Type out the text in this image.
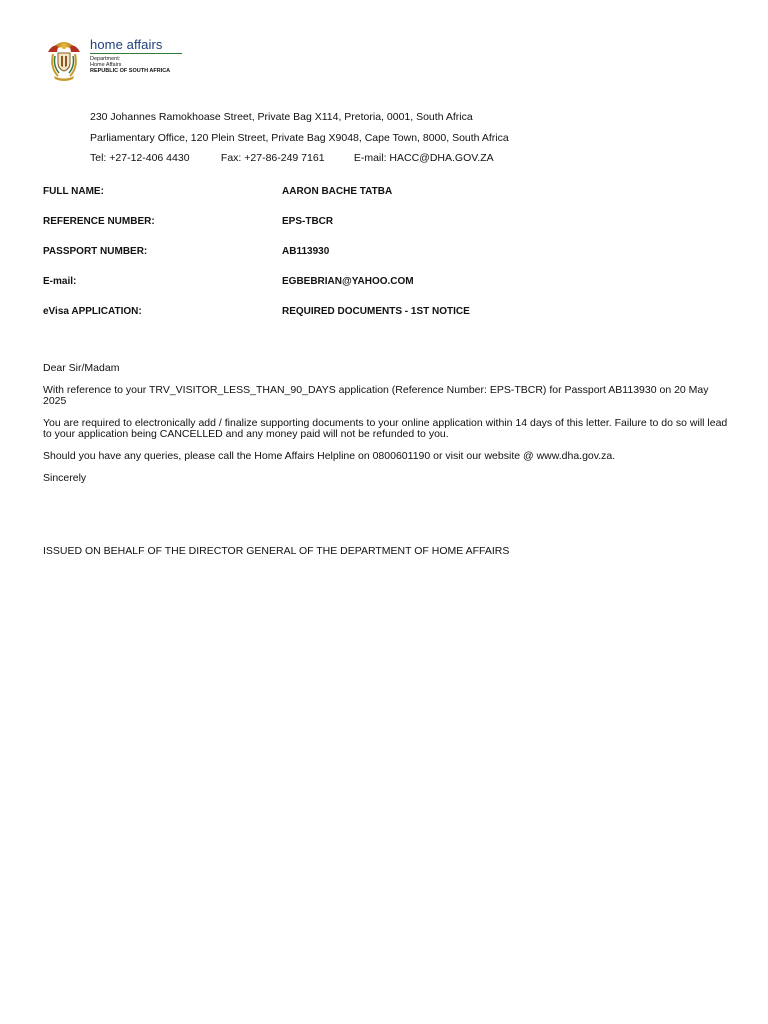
home affairs
Department:
Home Affairs
REPUBLIC OF SOUTH AFRICA
230 Johannes Ramokhoase Street, Private Bag X114, Pretoria, 0001, South Africa
Parliamentary Office, 120 Plein Street, Private Bag X9048, Cape Town, 8000, South Africa
Tel: +27-12-406 4430	Fax: +27-86-249 7161	E-mail: HACC@DHA.GOV.ZA
FULL NAME:	AARON BACHE TATBA
REFERENCE NUMBER:	EPS-TBCR
PASSPORT NUMBER:	AB113930
E-mail:	EGBEBRIAN@YAHOO.COM
eVisa APPLICATION:	REQUIRED DOCUMENTS - 1ST NOTICE

Dear Sir/Madam

With reference to your TRV_VISITOR_LESS_THAN_90_DAYS application (Reference Number: EPS-TBCR) for Passport AB113930 on 20 May 2025

You are required to electronically add / finalize supporting documents to your online application within 14 days of this letter. Failure to do so will lead to your application being CANCELLED and any money paid will not be refunded to you.

Should you have any queries, please call the Home Affairs Helpline on 0800601190 or visit our website @ www.dha.gov.za.

Sincerely

ISSUED ON BEHALF OF THE DIRECTOR GENERAL OF THE DEPARTMENT OF HOME AFFAIRS
